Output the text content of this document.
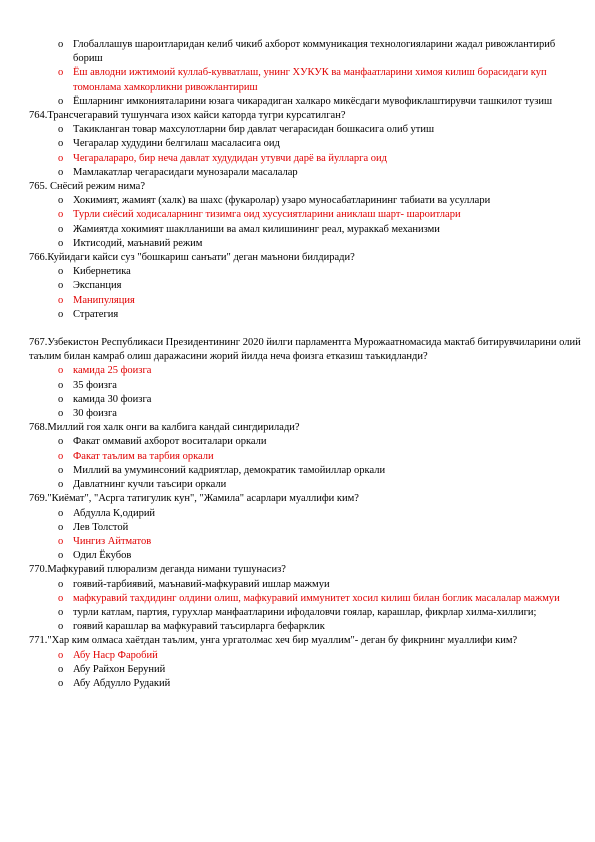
o Глобаллашув шароитларидан келиб чикиб ахборот коммуникация технологияларини жадал ривожлантириб бориш
o Ёш авлодни ижтимоий куллаб-кувватлаш, унинг ХУКУК ва манфаатларини химоя килиш борасидаги куп томонлама хамкорликни ривожлантириш
o Ёшларнинг имконияталарини юзага чикарадиган халкаро микёсдаги мувофиклаштирувчи ташкилот тузиш
764.Трансчегаравий тушунчага изох кайси каторда тугри курсатилган?
o Такикланган товар махсулотларни бир давлат чегарасидан бошкасига олиб утиш
o Чегаралар худудини белгилаш масаласига оид
o Чегаралараро, бир неча давлат худудидан утувчи дарё ва йулларга оид
o Мамлакатлар чегарасидаги мунозарали масалалар
765. Снёсий режим нима?
o Хокимият, жамият (халк) ва шахс (фукаролар) узаро муносабатларининг табиати ва усуллари
o Турли сиёсий ходисаларнинг тизимга оид хусусиятларини аниклаш шарт- шароитлари
o Жамиятда хокимият шаклланиши ва амал килишининг реал, мураккаб механизми
o Иктисодий, маънавий режим
766.Куйидаги кайси суз "бошкариш санъати" деган маънони билдиради?
o Кибернетика
o Экспанция
o Манипуляция
o Стратегия
767.Узбекистон Республикаси Президентининг 2020 йилги парламентга Мурожаатномасида мактаб битирувчиларини олий таълим билан камраб олиш даражасини жорий йилда неча фоизга етказиш таъкидланди?
o камида 25 фоизга
o 35 фоизга
o камида 30 фоизга
o 30 фоизга
768.Миллий гоя халк онги ва калбига кандай сингдирилади?
o Факат оммавий ахборот воситалари оркали
o Факат таълим ва тарбия оркали
o Миллий ва умуминсоний кадриятлар, демократик тамойиллар оркали
o Давлатнинг кучли таъсири оркали
769."Киёмат", "Асрга татигулик кун", "Жамила" асарлари муаллифи ким?
o Абдулла К,одирий
o Лев Толстой
o Чингиз Айтматов
o Одил Ёкубов
770.Мафкуравий плюрализм деганда нимани тушунасиз?
o гоявий-тарбиявий, маънавий-мафкуравий ишлар мажмуи
o мафкуравий тахдидинг олдини олиш, мафкуравий иммунитет хосил килиш билан боглик масалалар мажмуи
o турли катлам, партия, гурухлар манфаатларини ифодаловчи гоялар, карашлар, фикрлар хилма-хиллиги;
o гоявий карашлар ва мафкуравий таъсирларга бефарклик
771."Хар ким олмаса хаётдан таълим, унга ургатолмас хеч бир муаллим"- деган бу фикрнинг муаллифи ким?
o Абу Наср Фаробий
o Абу Райхон Беруний
o Абу Абдулло Рудакий
